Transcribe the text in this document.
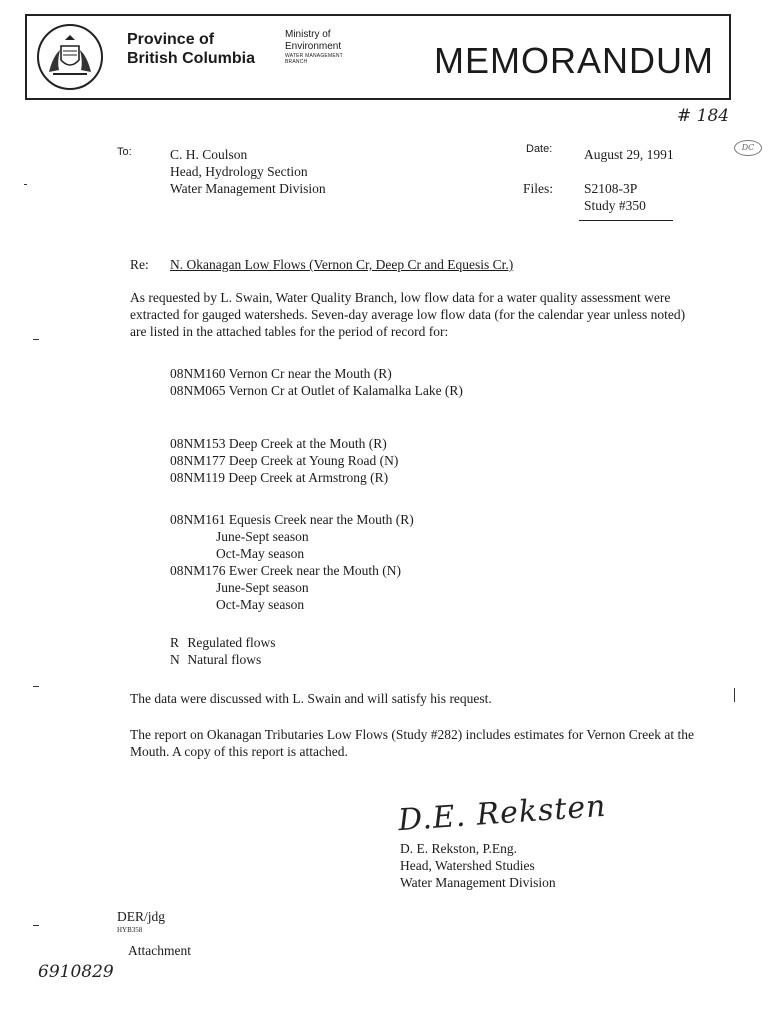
Province of
British Columbia
Ministry of
Environment
WATER MANAGEMENT
BRANCH	MEMORANDUM
# 184
DC
To:	C. H. Coulson
Head, Hydrology Section
Water Management Division
Date: August 29, 1991
Files: S2108-3P
Study #350
Re: N. Okanagan Low Flows (Vernon Cr, Deep Cr and Equesis Cr.)
As requested by L. Swain, Water Quality Branch, low flow data for a water quality assessment were extracted for gauged watersheds. Seven-day average low flow data (for the calendar year unless noted) are listed in the attached tables for the period of record for:
08NM160 Vernon Cr near the Mouth (R)
08NM065 Vernon Cr at Outlet of Kalamalka Lake (R)
08NM153 Deep Creek at the Mouth (R)
08NM177 Deep Creek at Young Road (N)
08NM119 Deep Creek at Armstrong (R)
08NM161 Equesis Creek near the Mouth (R)
June-Sept season
Oct-May season
08NM176 Ewer Creek near the Mouth (N)
June-Sept season
Oct-May season
R Regulated flows
N Natural flows
The data were discussed with L. Swain and will satisfy his request.
The report on Okanagan Tributaries Low Flows (Study #282) includes estimates for Vernon Creek at the Mouth. A copy of this report is attached.
D.E. Reksten
D. E. Rekston, P.Eng.
Head, Watershed Studies
Water Management Division
DER/jdg
HYB358
Attachment
6910829
